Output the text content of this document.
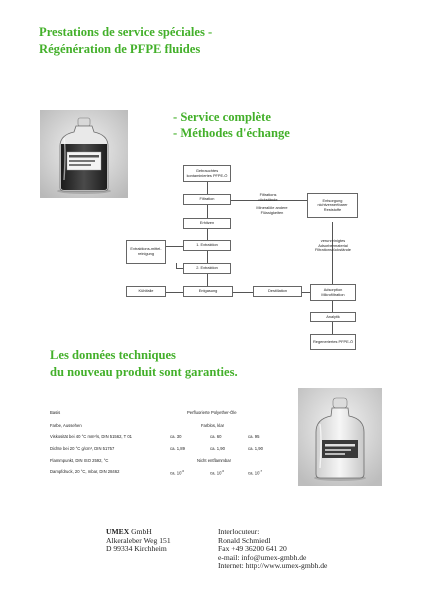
Prestations de service spéciales -
Régénération de PFPE fluides
- Service complète
- Méthodes d'échange
Gebrauchtes kontaminiertes PFPE-Ö
Filtration
Erhitzen
1. Extraktion
2. Extraktion
Extraktions-mittel-reinigung
Kühlfalle	Entgasung	Destillation	Adsorption Mikrofiltration
Analytik
Regeneriertes PFPE-Ö
Entsorgung nichtverwertbarer Reststoffe
Filtrations rückstände
Mineralöle andere Flüssigkeiten
verunreinigtes Adsorbermaterial Filtrationsrückstände
Les données techniques
du nouveau produit sont garanties.
Basis	Perfluorierte Polyether-Öle
Farbe, Aussehen	Farblos, klar
Viskosität bei 40 °C mm²/s, DIN 51562, T 01	ca. 30	ca. 60	ca. 95
Dichte bei 20 °C g/cm³, DIN 51757	ca. 1,89	ca. 1,90	ca. 1,90
Flammpunkt, DIN ISO 2592, °C	Nicht entflammbar
Dampfdruck, 20 °C, mbar, DIN 28462	ca. $10^{-6}$	ca. $10^{-6}$	ca. $10^{-7}$
UMEX GmbH
Alkeraleber Weg 151
D 99334 Kirchheim
Interlocuteur:
Ronald Schmiedl
Fax +49 36200 641 20
e-mail: info@umex-gmbh.de
Internet: http://www.umex-gmbh.de
